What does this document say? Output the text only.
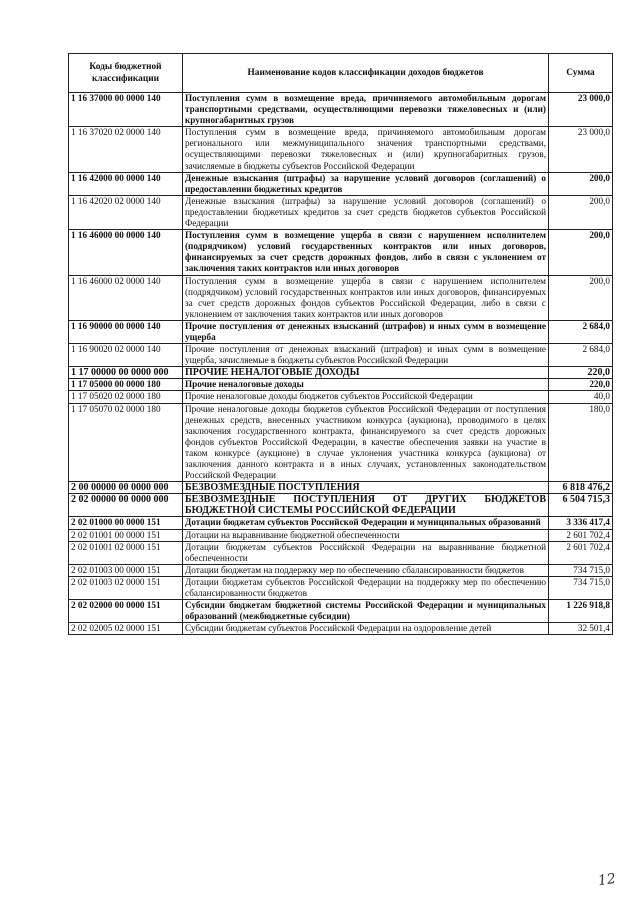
Коды бюджетной классификации	Наименование кодов классификации доходов бюджетов	Сумма
1 16 37000 00 0000 140	Поступления сумм в возмещение вреда, причиняемого автомобильным дорогам транспортными средствами, осуществляющими перевозки тяжеловесных и (или) крупногабаритных грузов	23 000,0
1 16 37020 02 0000 140	Поступления сумм в возмещение вреда, причиняемого автомобильным дорогам регионального или межмуниципального значения транспортными средствами, осуществляющими перевозки тяжеловесных и (или) крупногабаритных грузов, зачисляемые в бюджеты субъектов Российской Федерации	23 000,0
1 16 42000 00 0000 140	Денежные взыскания (штрафы) за нарушение условий договоров (соглашений) о предоставлении бюджетных кредитов	200,0
1 16 42020 02 0000 140	Денежные взыскания (штрафы) за нарушение условий договоров (соглашений) о предоставлении бюджетных кредитов за счет средств бюджетов субъектов Российской Федерации	200,0
1 16 46000 00 0000 140	Поступления сумм в возмещение ущерба в связи с нарушением исполнителем (подрядчиком) условий государственных контрактов или иных договоров, финансируемых за счет средств дорожных фондов, либо в связи с уклонением от заключения таких контрактов или иных договоров	200,0
1 16 46000 02 0000 140	Поступления сумм в возмещение ущерба в связи с нарушением исполнителем (подрядчиком) условий государственных контрактов или иных договоров, финансируемых за счет средств дорожных фондов субъектов Российской Федерации, либо в связи с уклонением от заключения таких контрактов или иных договоров	200,0
1 16 90000 00 0000 140	Прочие поступления от денежных взысканий (штрафов) и иных сумм в возмещение ущерба	2 684,0
1 16 90020 02 0000 140	Прочие поступления от денежных взысканий (штрафов) и иных сумм в возмещение ущерба, зачисляемые в бюджеты субъектов Российской Федерации	2 684,0
1 17 00000 00 0000 000	ПРОЧИЕ НЕНАЛОГОВЫЕ ДОХОДЫ	220,0
1 17 05000 00 0000 180	Прочие неналоговые доходы	220,0
1 17 05020 02 0000 180	Прочие неналоговые доходы бюджетов субъектов Российской Федерации	40,0
1 17 05070 02 0000 180	Прочие неналоговые доходы бюджетов субъектов Российской Федерации от поступления денежных средств, внесенных участником конкурса (аукциона), проводимого в целях заключения государственного контракта, финансируемого за счет средств дорожных фондов субъектов Российской Федерации, в качестве обеспечения заявки на участие в таком конкурсе (аукционе) в случае уклонения участника конкурса (аукциона) от заключения данного контракта и в иных случаях, установленных законодательством Российской Федерации	180,0
2 00 00000 00 0000 000	БЕЗВОЗМЕЗДНЫЕ ПОСТУПЛЕНИЯ	6 818 476,2
2 02 00000 00 0000 000	БЕЗВОЗМЕЗДНЫЕ ПОСТУПЛЕНИЯ ОТ ДРУГИХ БЮДЖЕТОВ БЮДЖЕТНОЙ СИСТЕМЫ РОССИЙСКОЙ ФЕДЕРАЦИИ	6 504 715,3
2 02 01000 00 0000 151	Дотации бюджетам субъектов Российской Федерации и муниципальных образований	3 336 417,4
2 02 01001 00 0000 151	Дотации на выравнивание бюджетной обеспеченности	2 601 702,4
2 02 01001 02 0000 151	Дотации бюджетам субъектов Российской Федерации на выравнивание бюджетной обеспеченности	2 601 702,4
2 02 01003 00 0000 151	Дотации бюджетам на поддержку мер по обеспечению сбалансированности бюджетов	734 715,0
2 02 01003 02 0000 151	Дотации бюджетам субъектов Российской Федерации на поддержку мер по обеспечению сбалансированности бюджетов	734 715,0
2 02 02000 00 0000 151	Субсидии бюджетам бюджетной системы Российской Федерации и муниципальных образований (межбюджетные субсидии)	1 226 918,8
2 02 02005 02 0000 151	Субсидии бюджетам субъектов Российской Федерации на оздоровление детей	32 501,4
12
